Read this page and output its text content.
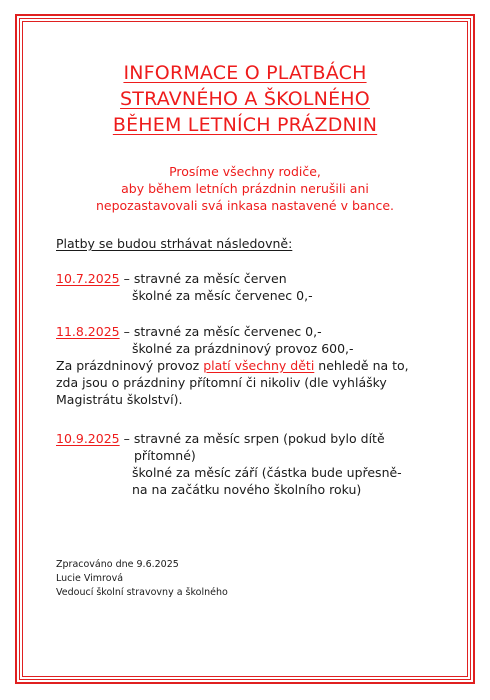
INFORMACE O PLATBÁCH
STRAVNÉHO A ŠKOLNÉHO
BĚHEM LETNÍCH PRÁZDNIN
Prosíme všechny rodiče,
aby během letních prázdnin nerušili ani
nepozastavovali svá inkasa nastavené v bance.
Platby se budou strhávat následovně:
10.7.2025 – stravné za měsíc červen
školné za měsíc červenec 0,-
11.8.2025 – stravné za měsíc červenec 0,-
školné za prázdninový provoz 600,-
Za prázdninový provoz platí všechny děti nehledě na to,
zda jsou o prázdniny přítomní či nikoliv (dle vyhlášky
Magistrátu školství).
10.9.2025 – stravné za měsíc srpen (pokud bylo dítě
přítomné)
školné za měsíc září (částka bude upřesně-
na na začátku nového školního roku)
Zpracováno dne 9.6.2025
Lucie Vimrová
Vedoucí školní stravovny a školného
